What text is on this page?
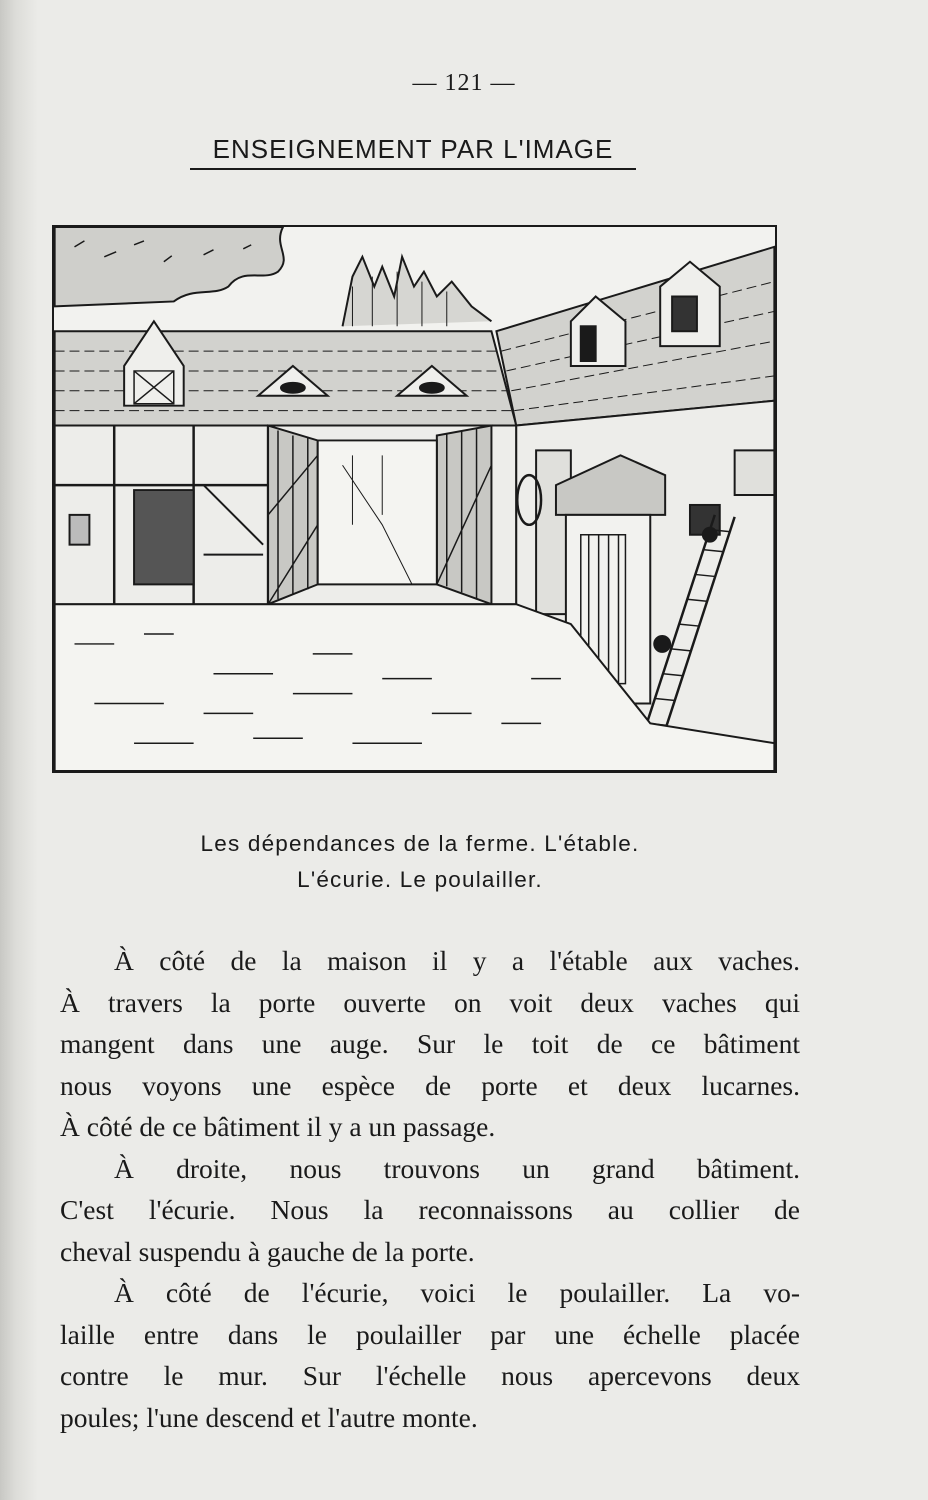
— 121 —
ENSEIGNEMENT PAR L'IMAGE
Les dépendances de la ferme. L'étable.
L'écurie. Le poulailler.
À côté de la maison il y a l'étable aux vaches.
À travers la porte ouverte on voit deux vaches qui
mangent dans une auge. Sur le toit de ce bâtiment
nous voyons une espèce de porte et deux lucarnes.
À côté de ce bâtiment il y a un passage.
À droite, nous trouvons un grand bâtiment.
C'est l'écurie. Nous la reconnaissons au collier de
cheval suspendu à gauche de la porte.
À côté de l'écurie, voici le poulailler. La vo-
laille entre dans le poulailler par une échelle placée
contre le mur. Sur l'échelle nous apercevons deux
poules; l'une descend et l'autre monte.
